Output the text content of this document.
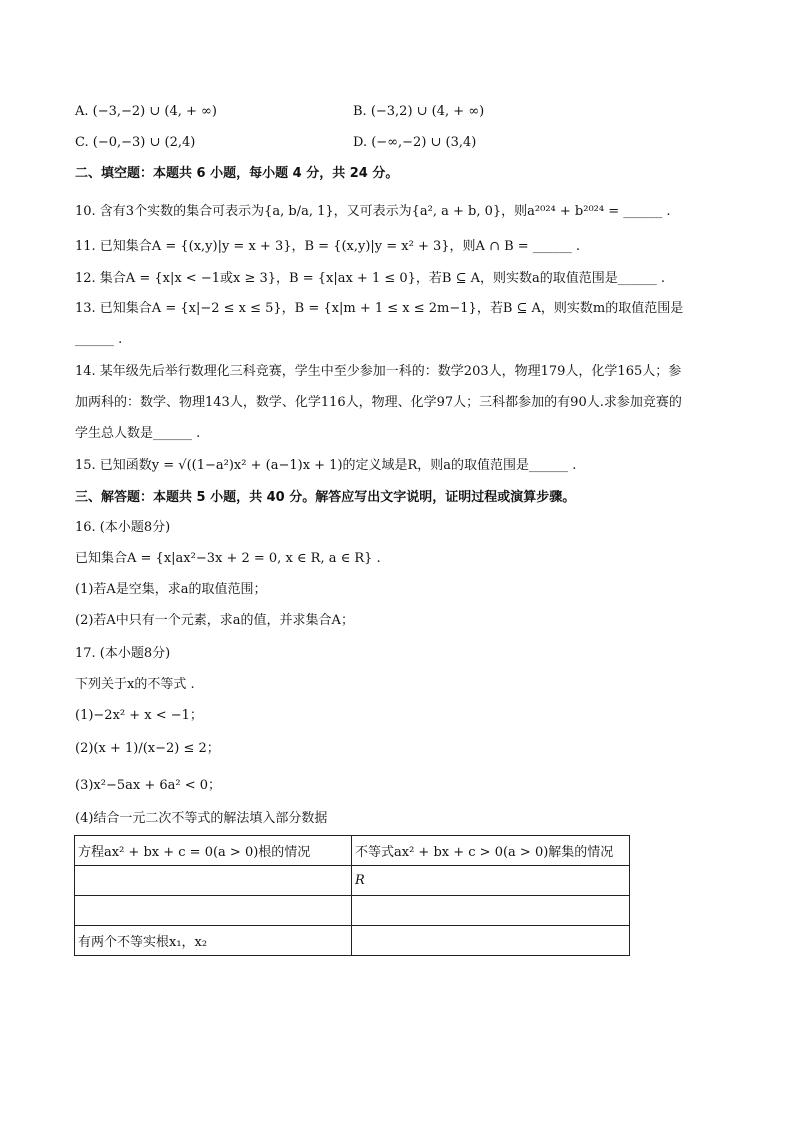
A. (−3,−2) ∪ (4, + ∞)	B. (−3,2) ∪ (4, + ∞)
C. (−0,−3) ∪ (2,4)	D. (−∞,−2) ∪ (3,4)
二、填空题：本题共 6 小题，每小题 4 分，共 24 分。
10. 含有3个实数的集合可表示为{a, b/a, 1}，又可表示为{a², a + b, 0}，则a²⁰²⁴ + b²⁰²⁴ = ______ .
11. 已知集合A = {(x,y)|y = x + 3}，B = {(x,y)|y = x² + 3}，则A ∩ B = ______ .
12. 集合A = {x|x < −1或x ≥ 3}，B = {x|ax + 1 ≤ 0}，若B ⊆ A，则实数a的取值范围是______ .
13. 已知集合A = {x|−2 ≤ x ≤ 5}，B = {x|m + 1 ≤ x ≤ 2m−1}，若B ⊆ A，则实数m的取值范围是
______ .
14. 某年级先后举行数理化三科竞赛，学生中至少参加一科的：数学203人，物理179人，化学165人；参
加两科的：数学、物理143人，数学、化学116人，物理、化学97人；三科都参加的有90人.求参加竞赛的
学生总人数是______ .
15. 已知函数y = √((1−a²)x² + (a−1)x + 1)的定义域是R，则a的取值范围是______ .
三、解答题：本题共 5 小题，共 40 分。解答应写出文字说明，证明过程或演算步骤。
16. (本小题8分)
已知集合A = {x|ax²−3x + 2 = 0, x ∈ R, a ∈ R} .
(1)若A是空集，求a的取值范围；
(2)若A中只有一个元素，求a的值，并求集合A；
17. (本小题8分)
下列关于x的不等式 .
(1)−2x² + x < −1；
(2)(x + 1)/(x−2) ≤ 2；
(3)x²−5ax + 6a² < 0；
(4)结合一元二次不等式的解法填入部分数据
方程ax² + bx + c = 0(a > 0)根的情况	不等式ax² + bx + c > 0(a > 0)解集的情况
	R

有两个不等实根x₁，x₂	
